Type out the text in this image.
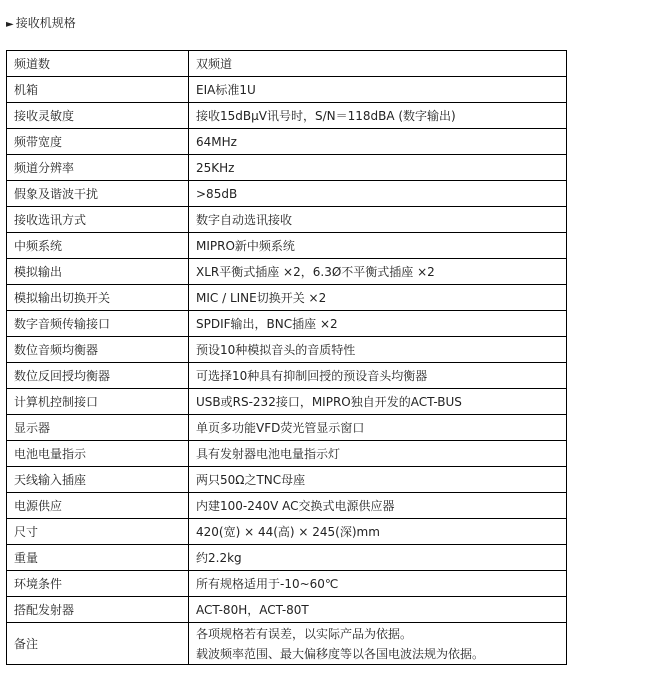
► 接收机规格
频道数	双频道
机箱	EIA标准1U
接收灵敏度	接收15dBμV讯号时，S/N＝118dBA (数字输出)
频带宽度	64MHz
频道分辨率	25KHz
假象及谐波干扰	>85dB
接收选讯方式	数字自动选讯接收
中频系统	MIPRO新中频系统
模拟输出	XLR平衡式插座 ×2，6.3Ø不平衡式插座 ×2
模拟输出切换开关	MIC / LINE切换开关 ×2
数字音频传输接口	SPDIF输出，BNC插座 ×2
数位音频均衡器	预设10种模拟音头的音质特性
数位反回授均衡器	可选择10种具有抑制回授的预设音头均衡器
计算机控制接口	USB或RS-232接口，MIPRO独自开发的ACT-BUS
显示器	单页多功能VFD荧光管显示窗口
电池电量指示	具有发射器电池电量指示灯
天线输入插座	两只50Ω之TNC母座
电源供应	内建100-240V AC交换式电源供应器
尺寸	420(宽) × 44(高) × 245(深)mm
重量	约2.2kg
环境条件	所有规格适用于-10~60℃
搭配发射器	ACT-80H，ACT-80T
备注	各项规格若有误差，以实际产品为依据。
载波频率范围、最大偏移度等以各国电波法规为依据。
